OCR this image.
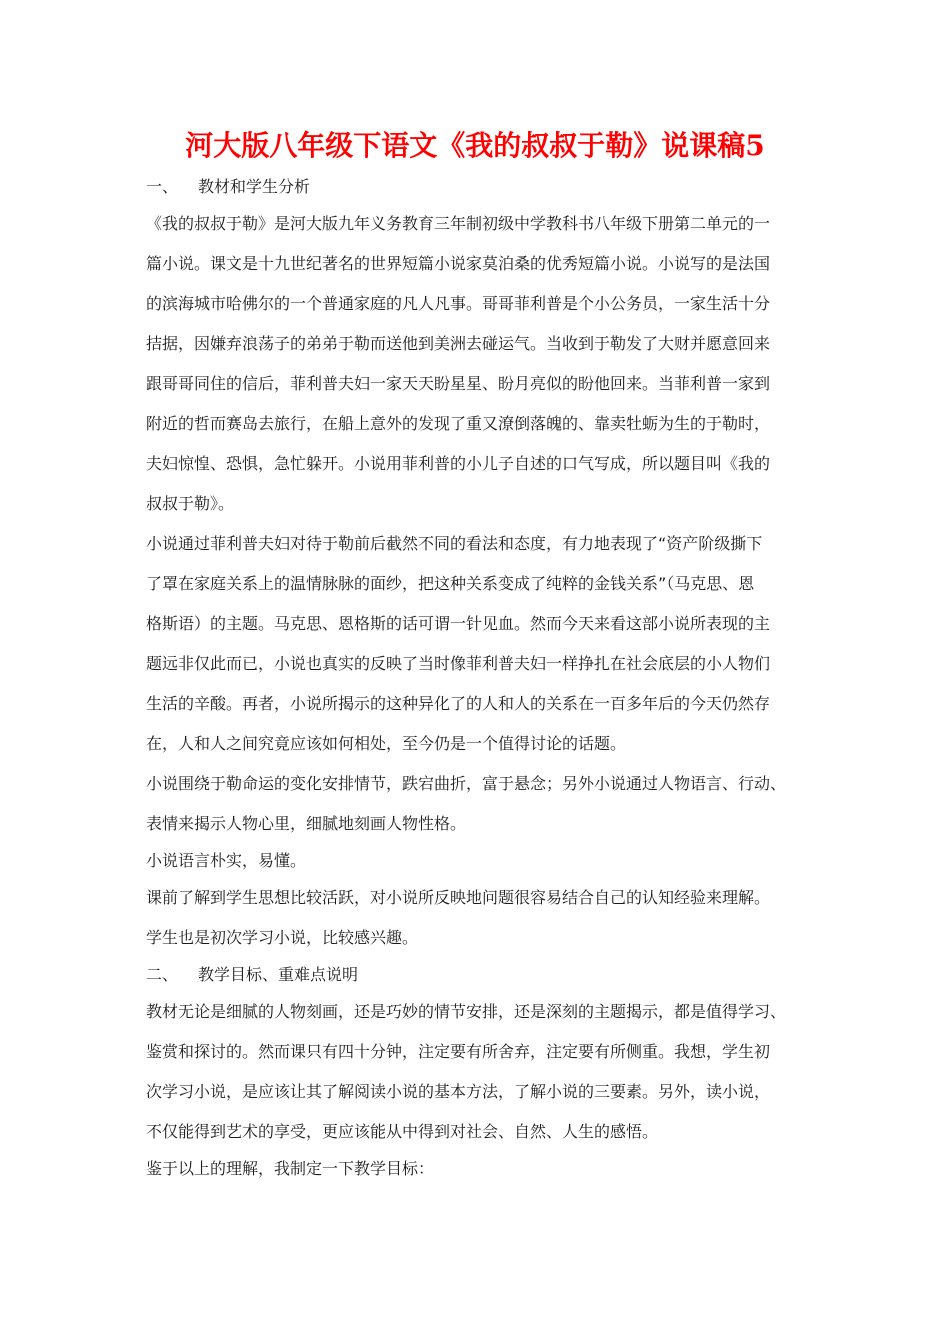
河大版八年级下语文《我的叔叔于勒》说课稿5
一、 教材和学生分析
《我的叔叔于勒》是河大版九年义务教育三年制初级中学教科书八年级下册第二单元的一
篇小说。课文是十九世纪著名的世界短篇小说家莫泊桑的优秀短篇小说。小说写的是法国
的滨海城市哈佛尔的一个普通家庭的凡人凡事。哥哥菲利普是个小公务员，一家生活十分
拮据，因嫌弃浪荡子的弟弟于勒而送他到美洲去碰运气。当收到于勒发了大财并愿意回来
跟哥哥同住的信后，菲利普夫妇一家天天盼星星、盼月亮似的盼他回来。当菲利普一家到
附近的哲而赛岛去旅行，在船上意外的发现了重又潦倒落魄的、靠卖牡蛎为生的于勒时，
夫妇惊惶、恐惧，急忙躲开。小说用菲利普的小儿子自述的口气写成，所以题目叫《我的
叔叔于勒》。
小说通过菲利普夫妇对待于勒前后截然不同的看法和态度，有力地表现了“资产阶级撕下
了罩在家庭关系上的温情脉脉的面纱，把这种关系变成了纯粹的金钱关系”（马克思、恩
格斯语）的主题。马克思、恩格斯的话可谓一针见血。然而今天来看这部小说所表现的主
题远非仅此而已，小说也真实的反映了当时像菲利普夫妇一样挣扎在社会底层的小人物们
生活的辛酸。再者，小说所揭示的这种异化了的人和人的关系在一百多年后的今天仍然存
在，人和人之间究竟应该如何相处，至今仍是一个值得讨论的话题。
小说围绕于勒命运的变化安排情节，跌宕曲折，富于悬念；另外小说通过人物语言、行动、
表情来揭示人物心里，细腻地刻画人物性格。
小说语言朴实，易懂。
课前了解到学生思想比较活跃，对小说所反映地问题很容易结合自己的认知经验来理解。
学生也是初次学习小说，比较感兴趣。
二、 教学目标、重难点说明
教材无论是细腻的人物刻画，还是巧妙的情节安排，还是深刻的主题揭示，都是值得学习、
鉴赏和探讨的。然而课只有四十分钟，注定要有所舍弃，注定要有所侧重。我想，学生初
次学习小说，是应该让其了解阅读小说的基本方法，了解小说的三要素。另外，读小说，
不仅能得到艺术的享受，更应该能从中得到对社会、自然、人生的感悟。
鉴于以上的理解，我制定一下教学目标：
